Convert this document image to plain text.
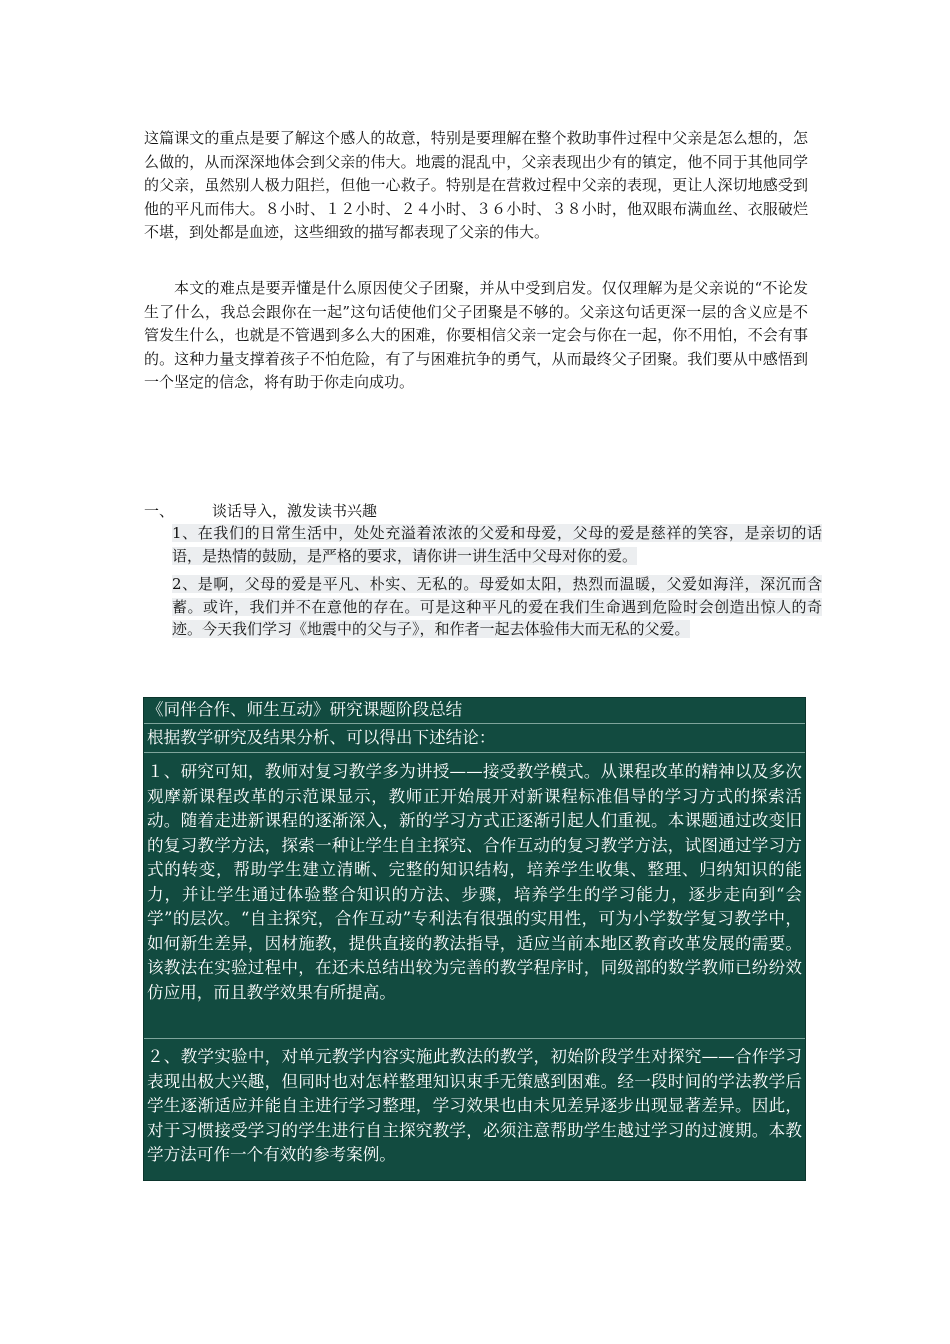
这篇课文的重点是要了解这个感人的故意，特别是要理解在整个救助事件过程中父亲是怎么想的，怎么做的，从而深深地体会到父亲的伟大。地震的混乱中，父亲表现出少有的镇定，他不同于其他同学的父亲，虽然别人极力阻拦，但他一心救子。特别是在营救过程中父亲的表现，更让人深切地感受到他的平凡而伟大。８小时、１２小时、２４小时、３６小时、３８小时，他双眼布满血丝、衣服破烂不堪，到处都是血迹，这些细致的描写都表现了父亲的伟大。

本文的难点是要弄懂是什么原因使父子团聚，并从中受到启发。仅仅理解为是父亲说的“不论发生了什么，我总会跟你在一起”这句话使他们父子团聚是不够的。父亲这句话更深一层的含义应是不管发生什么，也就是不管遇到多么大的困难，你要相信父亲一定会与你在一起，你不用怕，不会有事的。这种力量支撑着孩子不怕危险，有了与困难抗争的勇气，从而最终父子团聚。我们要从中感悟到一个坚定的信念，将有助于你走向成功。

一、	谈话导入，激发读书兴趣

1、在我们的日常生活中，处处充溢着浓浓的父爱和母爱，父母的爱是慈祥的笑容，是亲切的话语，是热情的鼓励，是严格的要求，请你讲一讲生活中父母对你的爱。

2、是啊，父母的爱是平凡、朴实、无私的。母爱如太阳，热烈而温暖，父爱如海洋，深沉而含蓄。或许，我们并不在意他的存在。可是这种平凡的爱在我们生命遇到危险时会创造出惊人的奇迹。今天我们学习《地震中的父与子》，和作者一起去体验伟大而无私的父爱。

《同伴合作、师生互动》研究课题阶段总结
根据教学研究及结果分析、可以得出下述结论：
１、研究可知，教师对复习教学多为讲授——接受教学模式。从课程改革的精神以及多次观摩新课程改革的示范课显示，教师正开始展开对新课程标准倡导的学习方式的探索活动。随着走进新课程的逐渐深入，新的学习方式正逐渐引起人们重视。本课题通过改变旧的复习教学方法，探索一种让学生自主探究、合作互动的复习教学方法，试图通过学习方式的转变，帮助学生建立清晰、完整的知识结构，培养学生收集、整理、归纳知识的能力，并让学生通过体验整合知识的方法、步骤，培养学生的学习能力，逐步走向到“会学”的层次。“自主探究，合作互动”专利法有很强的实用性，可为小学数学复习教学中，如何新生差异，因材施教，提供直接的教法指导，适应当前本地区教育改革发展的需要。该教法在实验过程中，在还未总结出较为完善的教学程序时，同级部的数学教师已纷纷效仿应用，而且教学效果有所提高。
２、教学实验中，对单元教学内容实施此教法的教学，初始阶段学生对探究——合作学习表现出极大兴趣，但同时也对怎样整理知识束手无策感到困难。经一段时间的学法教学后学生逐渐适应并能自主进行学习整理，学习效果也由未见差异逐步出现显著差异。因此，对于习惯接受学习的学生进行自主探究教学，必须注意帮助学生越过学习的过渡期。本教学方法可作一个有效的参考案例。
